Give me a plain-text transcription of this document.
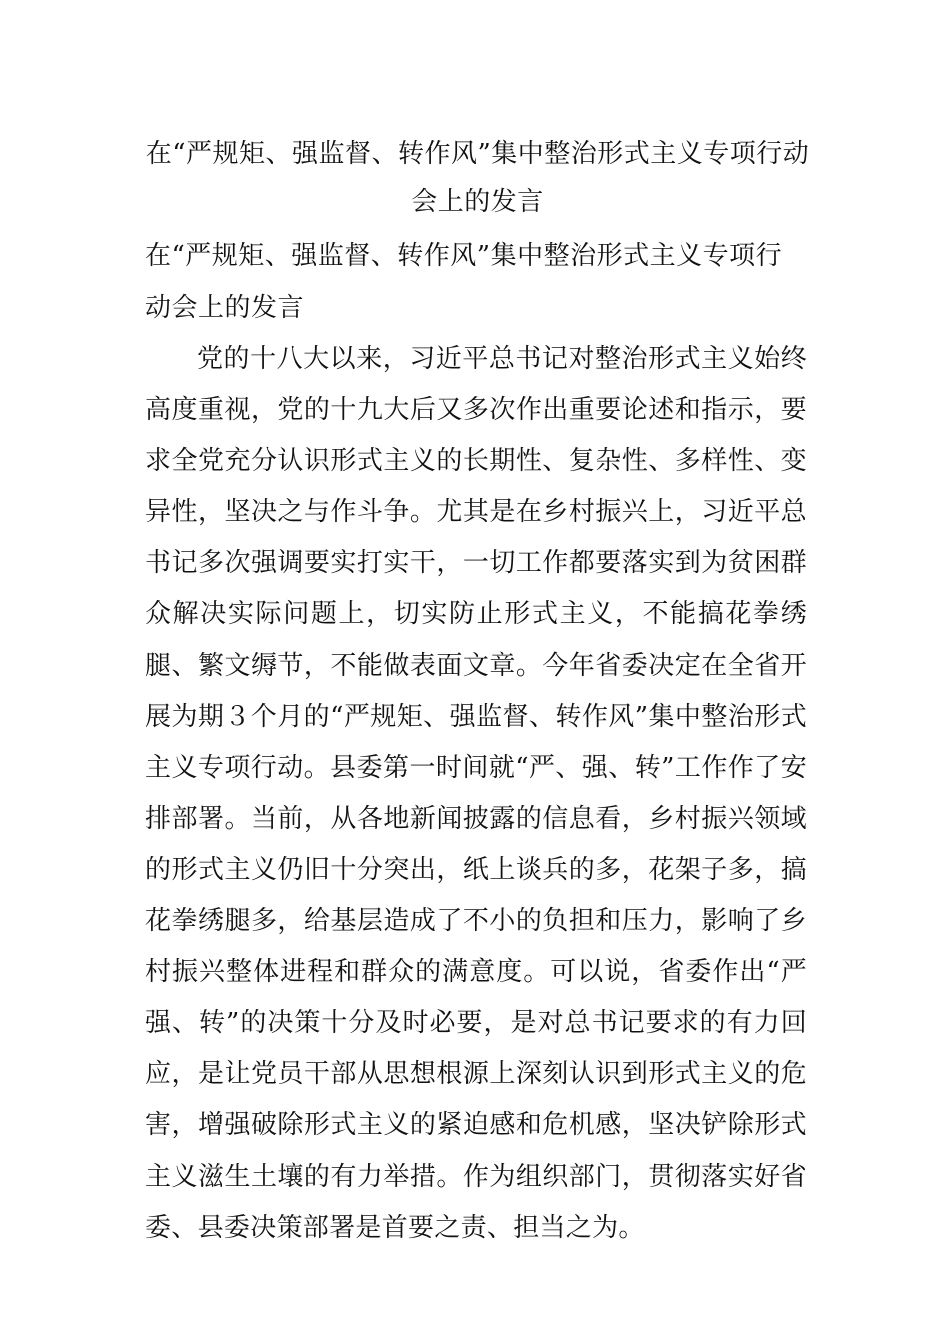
在“严规矩、强监督、转作风”集中整治形式主义专项行动会上的发言
在“严规矩、强监督、转作风”集中整治形式主义专项行动会上的发言

党的十八大以来，习近平总书记对整治形式主义始终高度重视，党的十九大后又多次作出重要论述和指示，要求全党充分认识形式主义的长期性、复杂性、多样性、变异性，坚决之与作斗争。尤其是在乡村振兴上，习近平总书记多次强调要实打实干，一切工作都要落实到为贫困群众解决实际问题上，切实防止形式主义，不能搞花拳绣腿、繁文缛节，不能做表面文章。今年省委决定在全省开展为期３个月的“严规矩、强监督、转作风”集中整治形式主义专项行动。县委第一时间就“严、强、转”工作作了安排部署。当前，从各地新闻披露的信息看，乡村振兴领域的形式主义仍旧十分突出，纸上谈兵的多，花架子多，搞花拳绣腿多，给基层造成了不小的负担和压力，影响了乡村振兴整体进程和群众的满意度。可以说，省委作出“严强、转”的决策十分及时必要，是对总书记要求的有力回应，是让党员干部从思想根源上深刻认识到形式主义的危害，增强破除形式主义的紧迫感和危机感，坚决铲除形式主义滋生土壤的有力举措。作为组织部门，贯彻落实好省委、县委决策部署是首要之责、担当之为。
